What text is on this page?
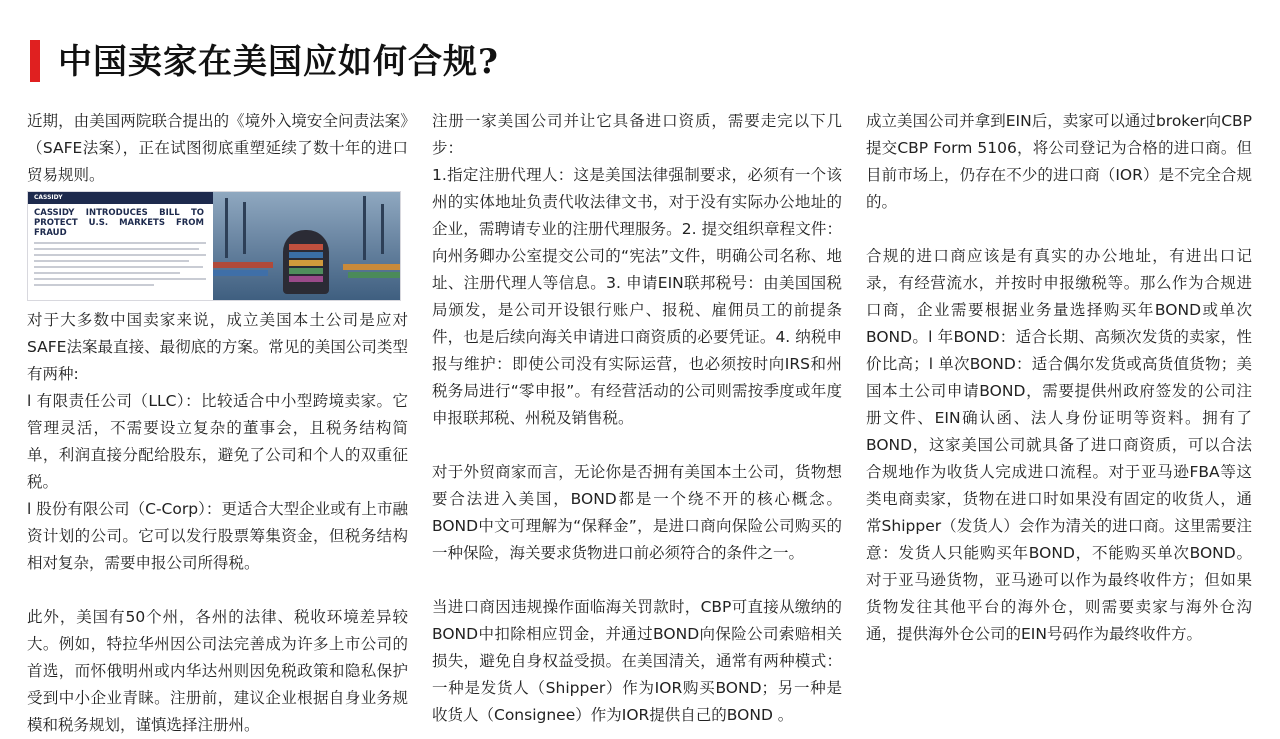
中国卖家在美国应如何合规?

近期，由美国两院联合提出的《境外入境安全问责法案》（SAFE法案），正在试图彻底重塑延续了数十年的进口贸易规则。

CASSIDY
CASSIDY INTRODUCES BILL TO PROTECT U.S. MARKETS FROM FRAUD

对于大多数中国卖家来说，成立美国本土公司是应对SAFE法案最直接、最彻底的方案。常见的美国公司类型有两种:

l 有限责任公司（LLC）：比较适合中小型跨境卖家。它管理灵活，不需要设立复杂的董事会，且税务结构简单，利润直接分配给股东，避免了公司和个人的双重征税。

l 股份有限公司（C-Corp）：更适合大型企业或有上市融资计划的公司。它可以发行股票筹集资金，但税务结构相对复杂，需要申报公司所得税。

此外，美国有50个州，各州的法律、税收环境差异较大。例如，特拉华州因公司法完善成为许多上市公司的首选，而怀俄明州或内华达州则因免税政策和隐私保护受到中小企业青睐。注册前，建议企业根据自身业务规模和税务规划，谨慎选择注册州。

注册一家美国公司并让它具备进口资质，需要走完以下几步：

1.指定注册代理人：这是美国法律强制要求，必须有一个该州的实体地址负责代收法律文书，对于没有实际办公地址的企业，需聘请专业的注册代理服务。2. 提交组织章程文件：向州务卿办公室提交公司的“宪法”文件，明确公司名称、地址、注册代理人等信息。3. 申请EIN联邦税号：由美国国税局颁发，是公司开设银行账户、报税、雇佣员工的前提条件，也是后续向海关申请进口商资质的必要凭证。4. 纳税申报与维护：即使公司没有实际运营，也必须按时向IRS和州税务局进行“零申报”。有经营活动的公司则需按季度或年度申报联邦税、州税及销售税。

对于外贸商家而言，无论你是否拥有美国本土公司，货物想要合法进入美国，BOND都是一个绕不开的核心概念。BOND中文可理解为“保释金”，是进口商向保险公司购买的一种保险，海关要求货物进口前必须符合的条件之一。

当进口商因违规操作面临海关罚款时，CBP可直接从缴纳的BOND中扣除相应罚金，并通过BOND向保险公司索赔相关损失，避免自身权益受损。在美国清关，通常有两种模式：一种是发货人（Shipper）作为IOR购买BOND；另一种是收货人（Consignee）作为IOR提供自己的BOND 。

成立美国公司并拿到EIN后，卖家可以通过broker向CBP提交CBP Form 5106，将公司登记为合格的进口商。但目前市场上，仍存在不少的进口商（IOR）是不完全合规的。

合规的进口商应该是有真实的办公地址，有进出口记录，有经营流水，并按时申报缴税等。那么作为合规进口商，企业需要根据业务量选择购买年BOND或单次BOND。l 年BOND：适合长期、高频次发货的卖家，性价比高；l 单次BOND：适合偶尔发货或高货值货物；美国本土公司申请BOND，需要提供州政府签发的公司注册文件、EIN确认函、法人身份证明等资料。拥有了BOND，这家美国公司就具备了进口商资质，可以合法合规地作为收货人完成进口流程。对于亚马逊FBA等这类电商卖家，货物在进口时如果没有固定的收货人，通常Shipper（发货人）会作为清关的进口商。这里需要注意：发货人只能购买年BOND，不能购买单次BOND。对于亚马逊货物，亚马逊可以作为最终收件方；但如果货物发往其他平台的海外仓，则需要卖家与海外仓沟通，提供海外仓公司的EIN号码作为最终收件方。
